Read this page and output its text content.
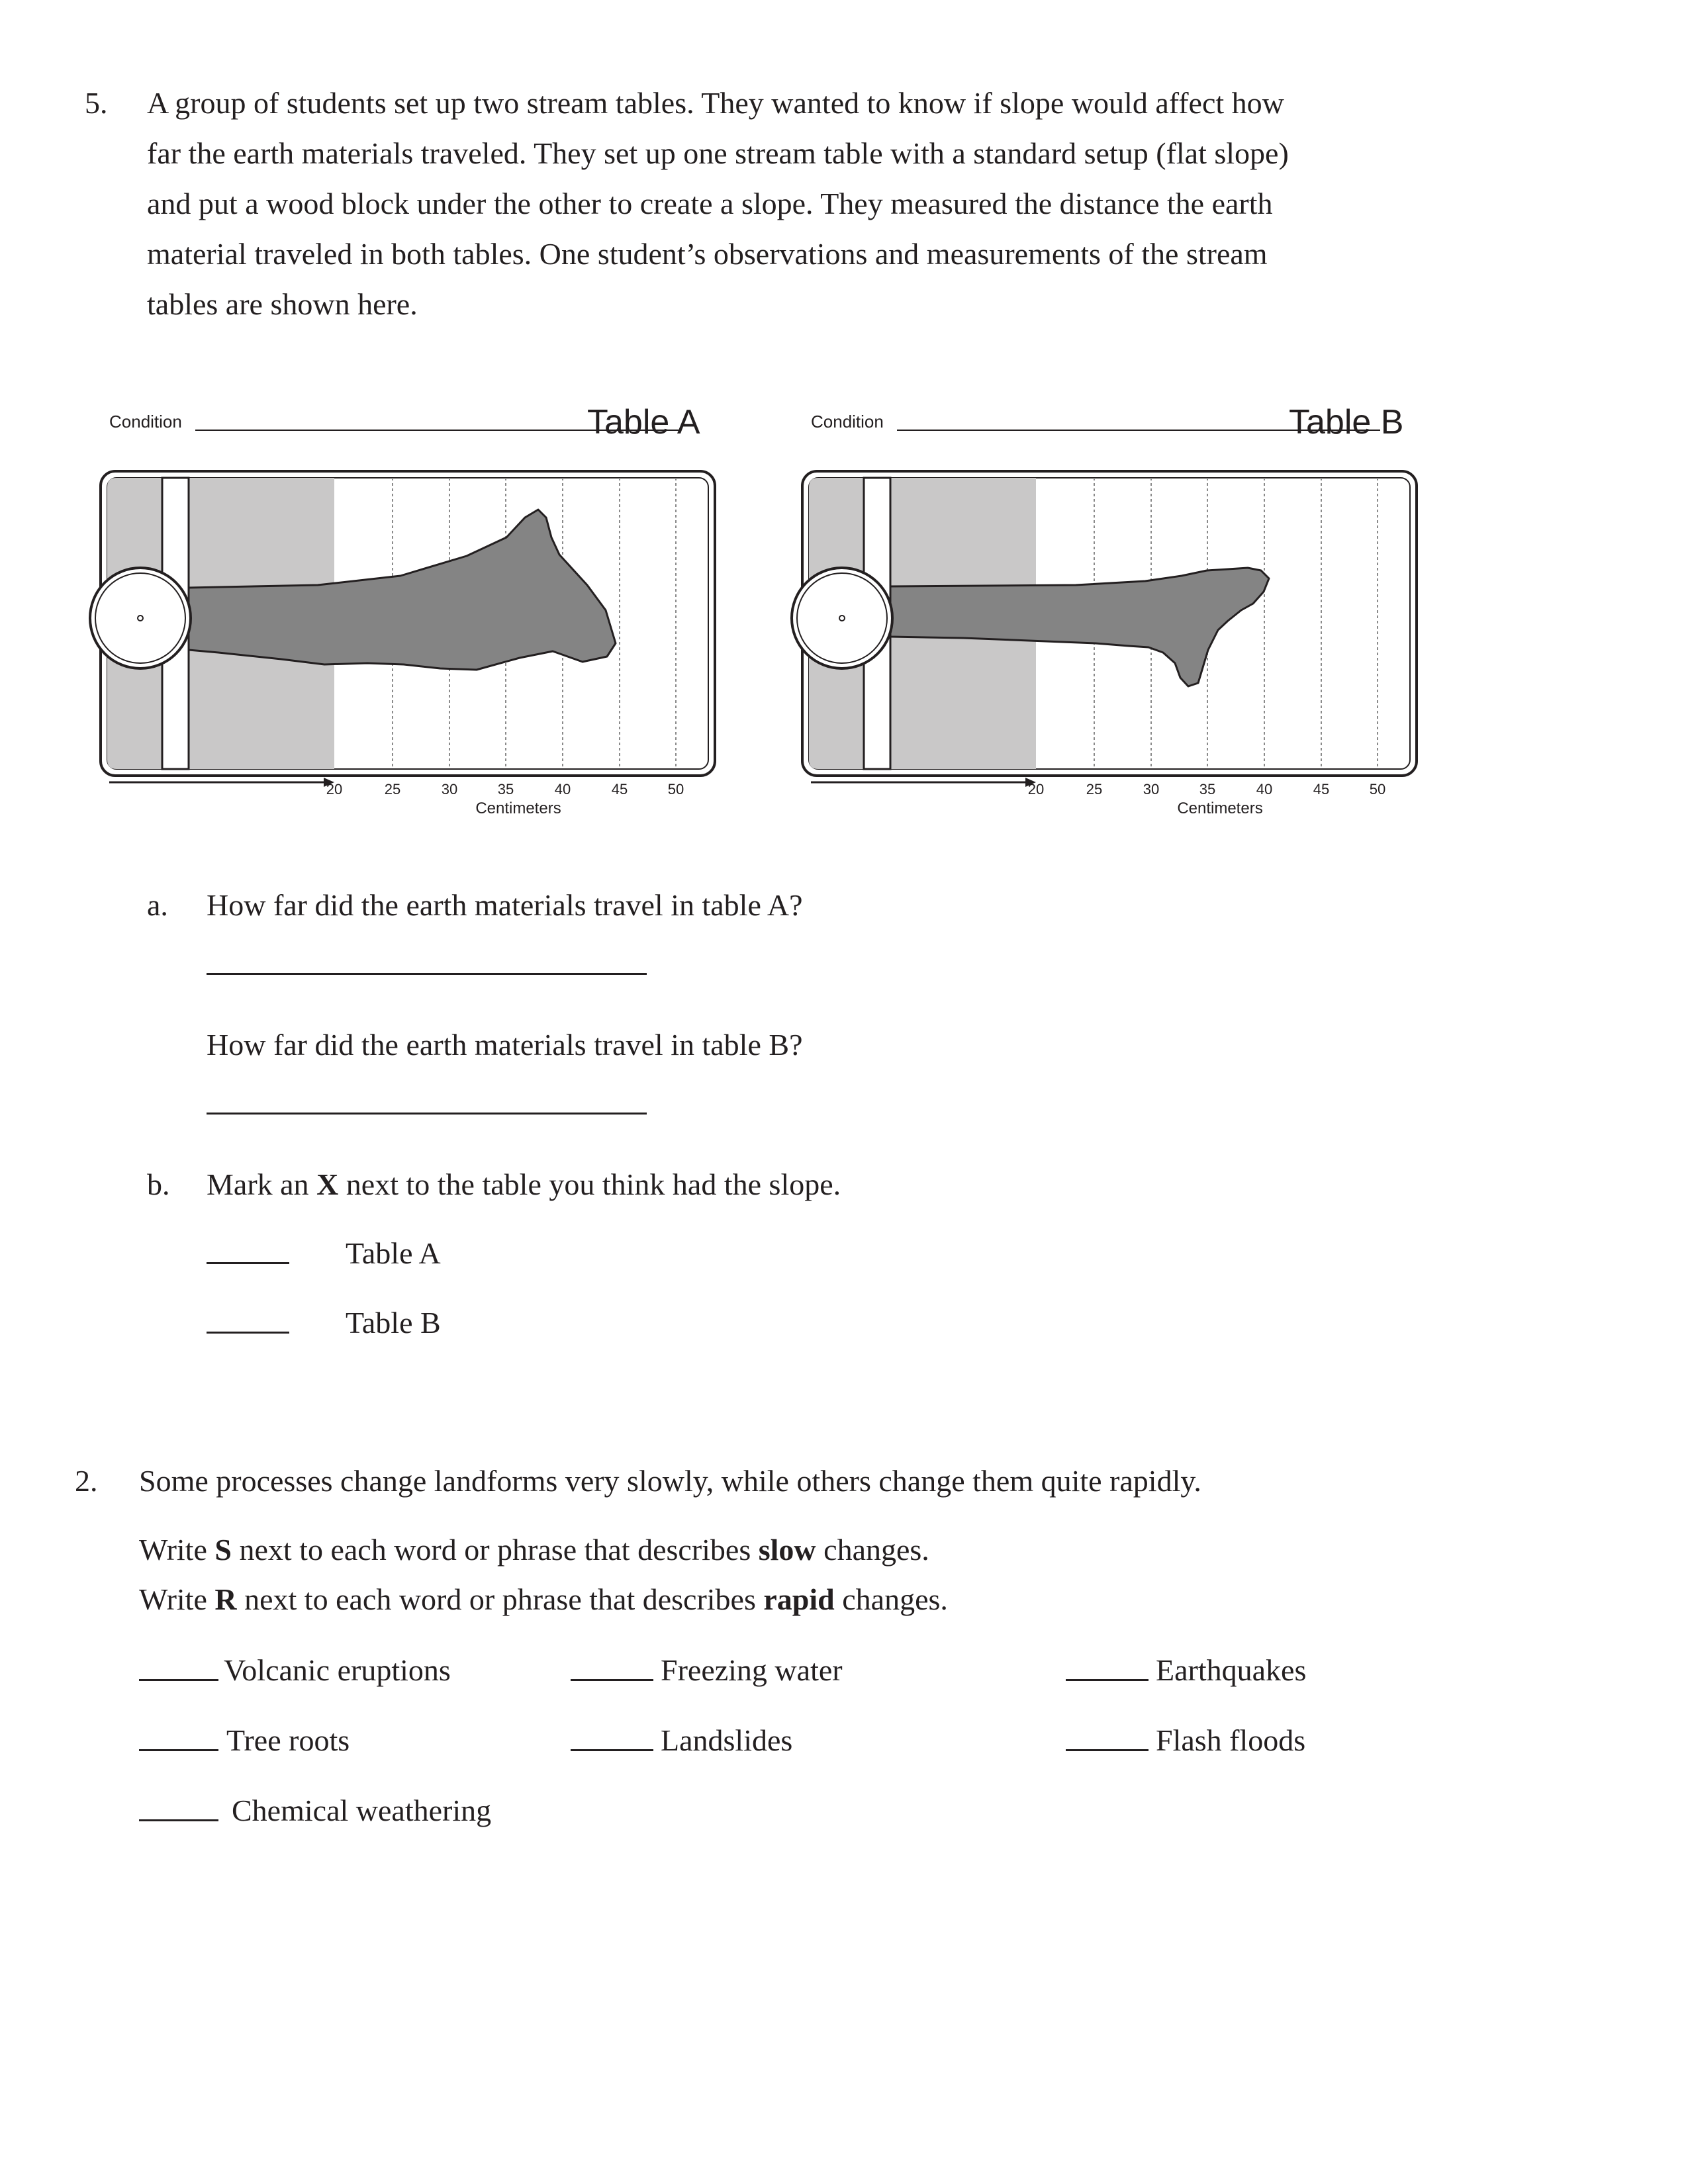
5. A group of students set up two stream tables. They wanted to know if slope would affect how
far the earth materials traveled. They set up one stream table with a standard setup (flat slope)
and put a wood block under the other to create a slope. They measured the distance the earth
material traveled in both tables. One student’s observations and measurements of the stream
tables are shown here.
Condition	Table A
20	25	30	35	40	45	50
Centimeters
Condition	Table B
20	25	30	35	40	45	50
Centimeters
a. How far did the earth materials travel in table A?
How far did the earth materials travel in table B?
b. Mark an X next to the table you think had the slope.
Table A
Table B
2. Some processes change landforms very slowly, while others change them quite rapidly.
Write S next to each word or phrase that describes slow changes.
Write R next to each word or phrase that describes rapid changes.
Volcanic eruptions	Freezing water	Earthquakes
Tree roots	Landslides	Flash floods
Chemical weathering
